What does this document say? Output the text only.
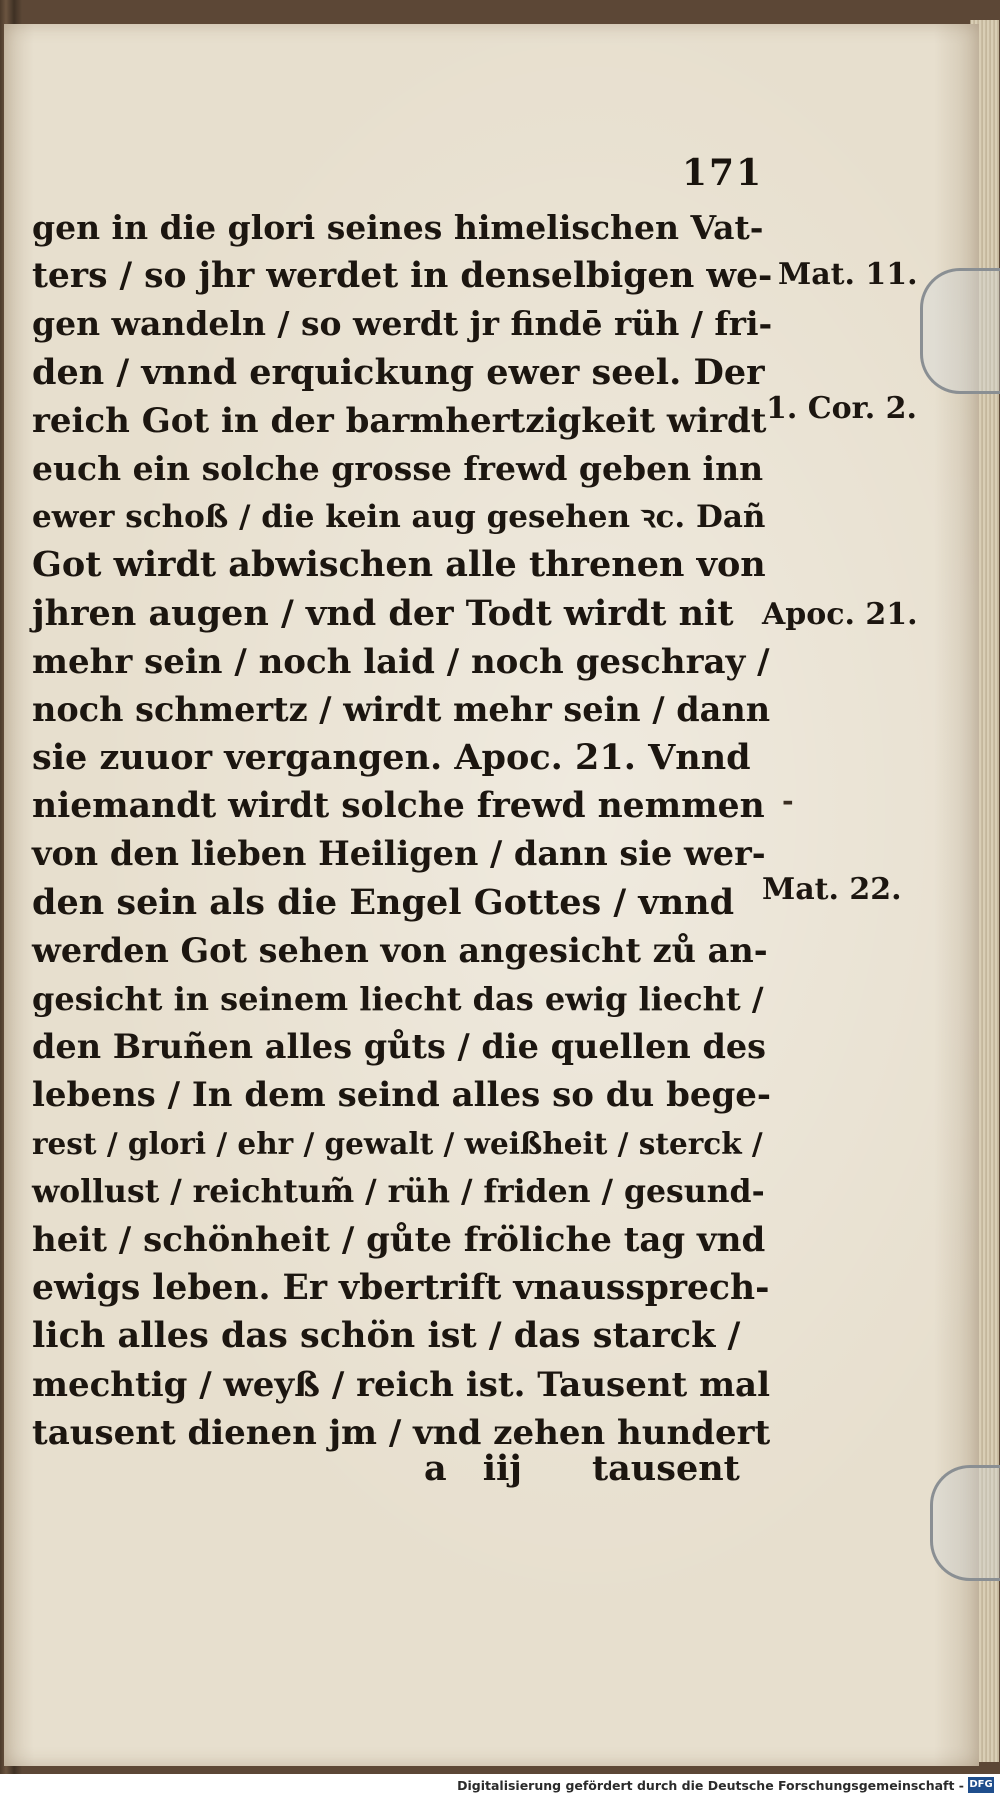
171
gen in die glori seines himelischen Vat-
ters / so jhr werdet in denselbigen we-
gen wandeln / so werdt jr findē rüh / fri-
den / vnnd erquickung ewer seel. Der
reich Got in der barmhertzigkeit wirdt
euch ein solche grosse frewd geben inn
ewer schoß / die kein aug gesehen ꝛc. Dañ
Got wirdt abwischen alle threnen von
jhren augen / vnd der Todt wirdt nit
mehr sein / noch laid / noch geschray /
noch schmertz / wirdt mehr sein / dann
sie zuuor vergangen. Apoc. 21. Vnnd
niemandt wirdt solche frewd nemmen
von den lieben Heiligen / dann sie wer-
den sein als die Engel Gottes / vnnd
werden Got sehen von angesicht zů an-
gesicht in seinem liecht das ewig liecht /
den Bruñen alles gůts / die quellen des
lebens / In dem seind alles so du bege-
rest / glori / ehr / gewalt / weißheit / sterck /
wollust / reichtum̃ / rüh / friden / gesund-
heit / schönheit / gůte fröliche tag vnd
ewigs leben. Er vbertrift vnaussprech-
lich alles das schön ist / das starck /
mechtig / weyß / reich ist. Tausent mal
tausent dienen jm / vnd zehen hundert
Mat. 11.
1. Cor. 2.
Apoc. 21.
Mat. 22.
-
a iij tausent
Digitalisierung gefördert durch die Deutsche Forschungsgemeinschaft - DFG
